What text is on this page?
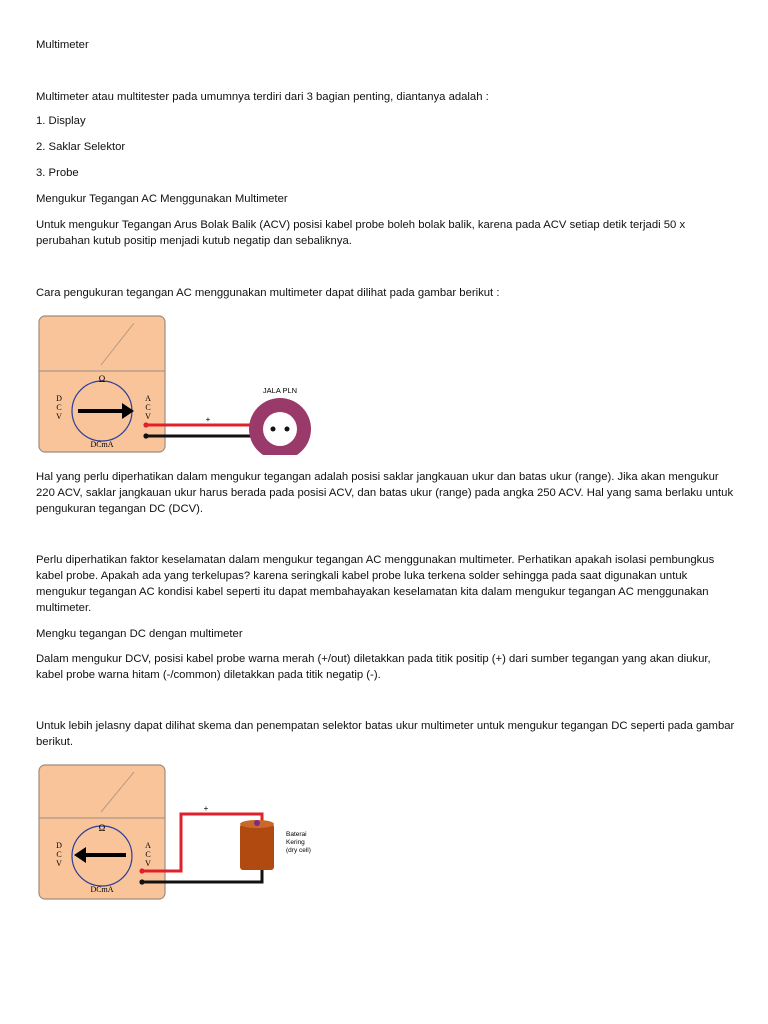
Multimeter

Multimeter atau multitester pada umumnya terdiri dari 3 bagian penting, diantanya adalah :

1. Display

2. Saklar Selektor

3. Probe

Mengukur Tegangan AC Menggunakan Multimeter

Untuk mengukur Tegangan Arus Bolak Balik (ACV) posisi kabel probe boleh bolak balik, karena pada ACV setiap detik terjadi 50 x perubahan kutub positip menjadi kutub negatip dan sebaliknya.

Cara pengukuran tegangan AC menggunakan multimeter dapat dilihat pada gambar berikut :

Ω
D
C
V
A
C
V
DCmA
+
JALA PLN

Hal yang perlu diperhatikan dalam mengukur tegangan adalah posisi saklar jangkauan ukur dan batas ukur (range). Jika akan mengukur 220 ACV, saklar jangkauan ukur harus berada pada posisi ACV, dan batas ukur (range) pada angka 250 ACV. Hal yang sama berlaku untuk pengukuran tegangan DC (DCV).

Perlu diperhatikan faktor keselamatan dalam mengukur tegangan AC menggunakan multimeter. Perhatikan apakah isolasi pembungkus kabel probe. Apakah ada yang terkelupas? karena seringkali kabel probe luka terkena solder sehingga pada saat digunakan untuk mengukur tegangan AC kondisi kabel seperti itu dapat membahayakan keselamatan kita dalam mengukur tegangan AC menggunakan multimeter.

Mengku tegangan DC dengan multimeter

Dalam mengukur DCV, posisi kabel probe warna merah (+/out) diletakkan pada titik positip (+) dari sumber tegangan yang akan diukur, kabel probe warna hitam (-/common) diletakkan pada titik negatip (-).

Untuk lebih jelasny dapat dilihat skema dan penempatan selektor batas ukur multimeter untuk mengukur tegangan DC seperti pada gambar berikut.

Ω
D
C
V
A
C
V
DCmA
+
Baterai
Kering
(dry cell)
